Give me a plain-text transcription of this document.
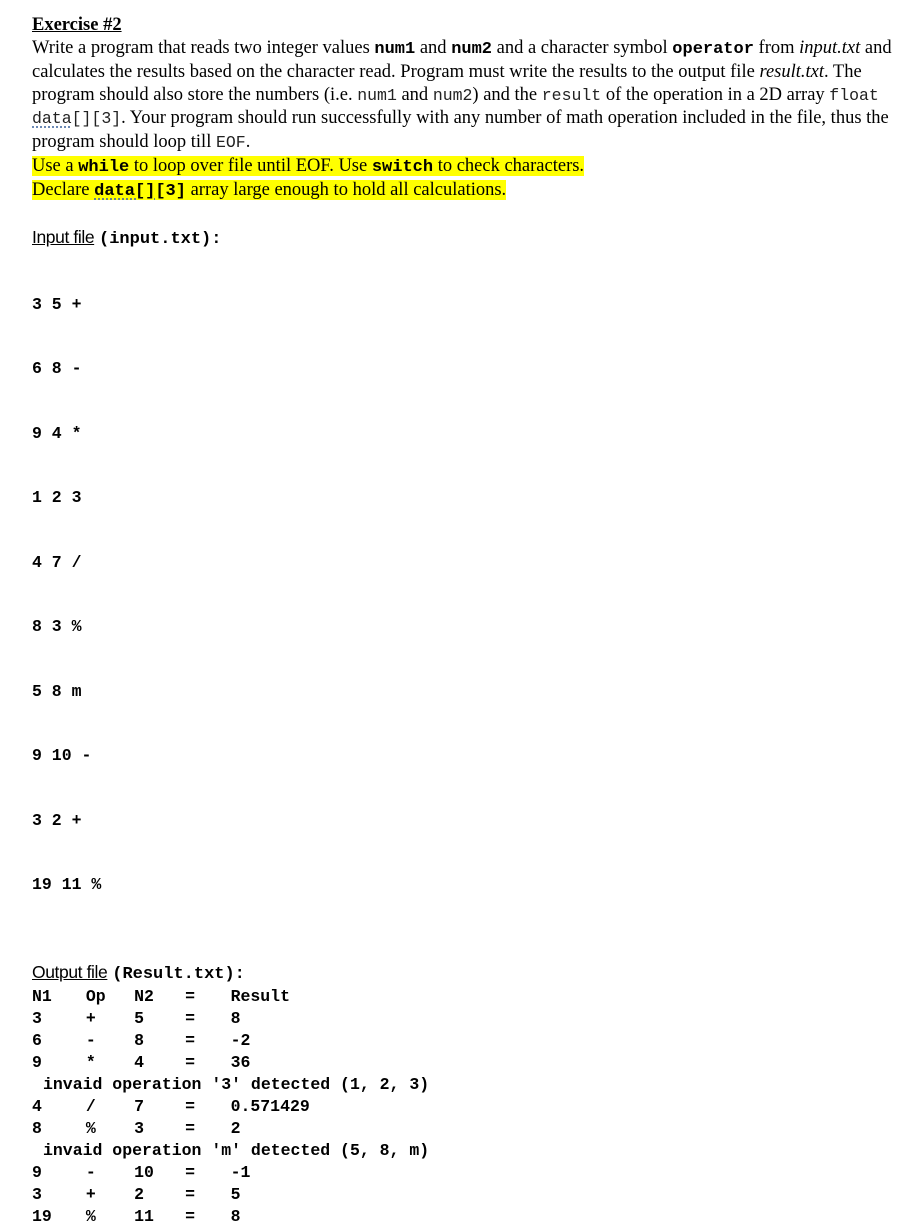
Exercise #2

Write a program that reads two integer values num1 and num2 and a character symbol operator from input.txt and calculates the results based on the character read. Program must write the results to the output file result.txt. The program should also store the numbers (i.e. num1 and num2) and the result of the operation in a 2D array float data[][3]. Your program should run successfully with any number of math operation included in the file, thus the program should loop till EOF.

Use a while to loop over file until EOF. Use switch to check characters.
Declare data[][3] array large enough to hold all calculations.
Input file (input.txt):

3 5 +

6 8 -

9 4 *

1 2 3

4 7 /

8 3 %

5 8 m

9 10 -

3 2 +

19 11 %

Output file (Result.txt):
N1	Op	N2	=	Result
3	+	5	=	8
6	-	8	=	-2
9	*	4	=	36
invaid operation '3' detected (1, 2, 3)				
4	/	7	=	0.571429
8	%	3	=	2
invaid operation 'm' detected (5, 8, m)				
9	-	10	=	-1
3	+	2	=	5
19	%	11	=	8
